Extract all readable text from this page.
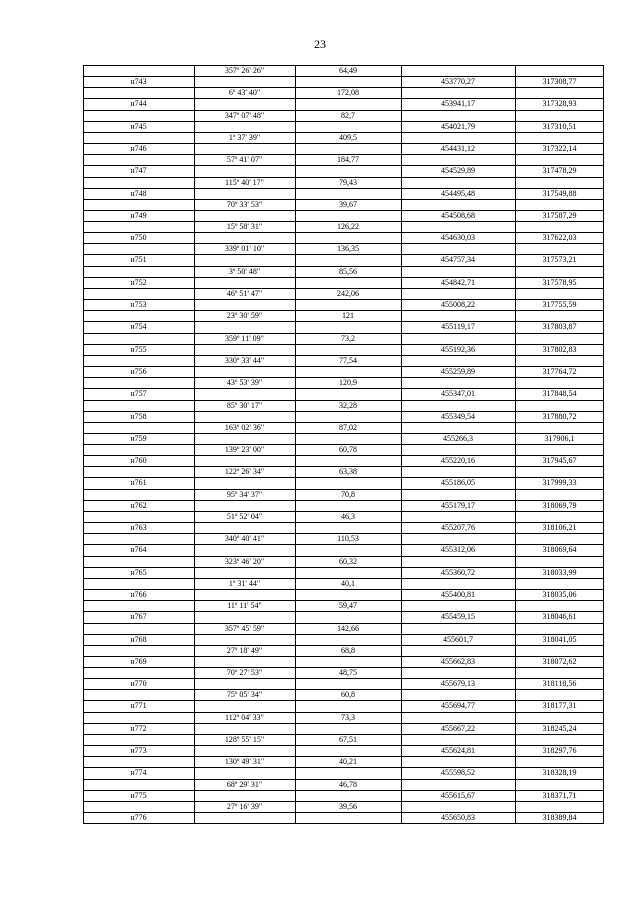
23
357º 26' 26"	64,49
н743	453770,27	317308,77
6º 43' 40"	172,08
н744	453941,17	317328,93
347º 07' 48"	82,7
н745	454021,79	317310,51
1º 37' 39"	409,5
н746	454431,12	317322,14
57º 41' 07"	184,77
н747	454529,89	317478,29
115º 40' 17"	79,43
н748	454495,48	317549,88
70º 33' 53"	39,67
н749	454508,68	317587,29
15º 58' 31"	126,22
н750	454630,03	317622,03
339º 01' 10"	136,35
н751	454757,34	317573,21
3º 50' 48"	85,56
н752	454842,71	317578,95
46º 51' 47"	242,06
н753	455008,22	317755,59
23º 30' 59"	121
н754	455119,17	317803,87
359º 11' 09"	73,2
н755	455192,36	317802,83
330º 33' 44"	77,54
н756	455259,89	317764,72
43º 53' 39"	120,9
н757	455347,01	317848,54
85º 30' 17"	32,28
н758	455349,54	317880,72
163º 02' 36"	87,02
н759	455266,3	317906,1
139º 23' 00"	60,78
н760	455220,16	317945,67
122º 26' 34"	63,38
н761	455186,05	317999,33
95º 34' 37"	70,8
н762	455179,17	318069,79
51º 52' 04"	46,3
н763	455207,76	318106,21
340º 40' 41"	110,53
н764	455312,06	318069,64
323º 46' 20"	60,32
н765	455360,72	318033,99
1º 31' 44"	40,1
н766	455400,81	318035,06
11º 11' 54"	59,47
н767	455459,15	318046,61
357º 45' 59"	142,66
н768	455601,7	318041,05
27º 18' 49"	68,8
н769	455662,83	318072,62
70º 27' 53"	48,75
н770	455679,13	318118,56
75º 05' 34"	60,8
н771	455694,77	318177,31
112º 04' 33"	73,3
н772	455667,22	318245,24
128º 55' 15"	67,51
н773	455624,81	318297,76
130º 49' 31"	40,21
н774	455598,52	318328,19
68º 29' 31"	46,78
н775	455615,67	318371,71
27º 16' 39"	39,56
н776	455650,83	318389,84
